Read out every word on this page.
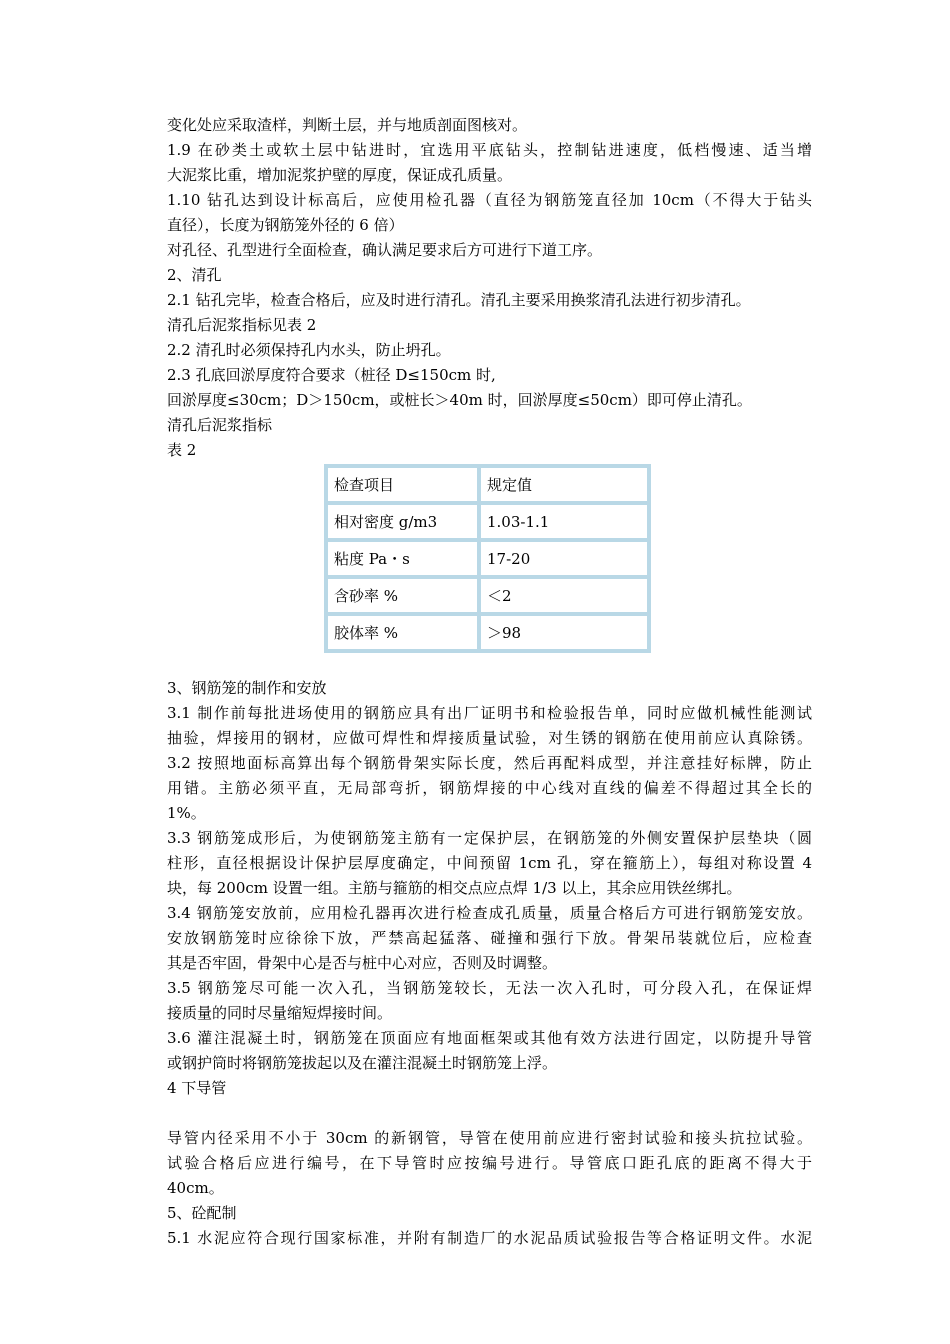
变化处应采取渣样，判断土层，并与地质剖面图核对。
1.9 在砂类土或软土层中钻进时，宜选用平底钻头，控制钻进速度，低档慢速、适当增
大泥浆比重，增加泥浆护壁的厚度，保证成孔质量。
1.10 钻孔达到设计标高后，应使用检孔器（直径为钢筋笼直径加 10cm（不得大于钻头
直径），长度为钢筋笼外径的 6 倍）
对孔径、孔型进行全面检查，确认满足要求后方可进行下道工序。
2、清孔
2.1 钻孔完毕，检查合格后，应及时进行清孔。清孔主要采用换浆清孔法进行初步清孔。
清孔后泥浆指标见表 2
2.2 清孔时必须保持孔内水头，防止坍孔。
2.3 孔底回淤厚度符合要求（桩径 D≤150cm 时,
回淤厚度≤30cm；D＞150cm，或桩长＞40m 时，回淤厚度≤50cm）即可停止清孔。
清孔后泥浆指标
表 2
检查项目	规定值
相对密度 g/m3	1.03-1.1
粘度 Pa・s	17-20
含砂率 %	＜2
胶体率 %	＞98
3、钢筋笼的制作和安放
3.1 制作前每批进场使用的钢筋应具有出厂证明书和检验报告单，同时应做机械性能测试
抽验，焊接用的钢材，应做可焊性和焊接质量试验，对生锈的钢筋在使用前应认真除锈。
3.2 按照地面标高算出每个钢筋骨架实际长度，然后再配料成型，并注意挂好标牌，防止
用错。主筋必须平直，无局部弯折，钢筋焊接的中心线对直线的偏差不得超过其全长的
1%。
3.3 钢筋笼成形后，为使钢筋笼主筋有一定保护层，在钢筋笼的外侧安置保护层垫块（圆
柱形，直径根据设计保护层厚度确定，中间预留 1cm 孔，穿在箍筋上），每组对称设置 4
块，每 200cm 设置一组。主筋与箍筋的相交点应点焊 1/3 以上，其余应用铁丝绑扎。
3.4 钢筋笼安放前，应用检孔器再次进行检查成孔质量，质量合格后方可进行钢筋笼安放。
安放钢筋笼时应徐徐下放，严禁高起猛落、碰撞和强行下放。骨架吊装就位后，应检查
其是否牢固，骨架中心是否与桩中心对应，否则及时调整。
3.5 钢筋笼尽可能一次入孔，当钢筋笼较长，无法一次入孔时，可分段入孔，在保证焊
接质量的同时尽量缩短焊接时间。
3.6 灌注混凝土时，钢筋笼在顶面应有地面框架或其他有效方法进行固定，以防提升导管
或钢护筒时将钢筋笼拔起以及在灌注混凝土时钢筋笼上浮。
4 下导管
导管内径采用不小于 30cm 的新钢管，导管在使用前应进行密封试验和接头抗拉试验。
试验合格后应进行编号，在下导管时应按编号进行。导管底口距孔底的距离不得大于
40cm。
5、砼配制
5.1 水泥应符合现行国家标准，并附有制造厂的水泥品质试验报告等合格证明文件。水泥
